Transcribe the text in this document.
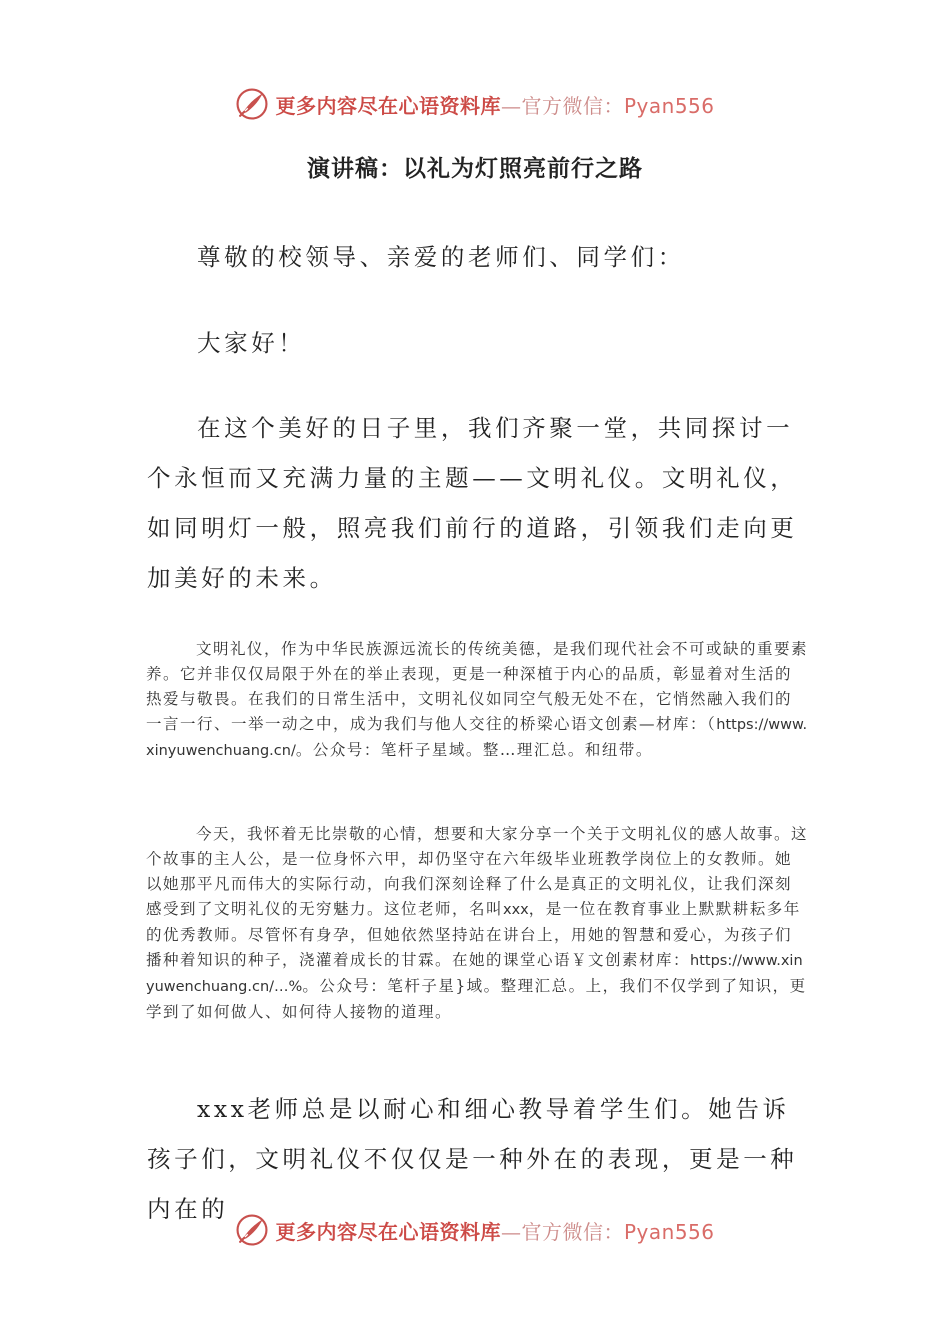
更多内容尽在心语资料库—官方微信：Pyan556
演讲稿：以礼为灯照亮前行之路

尊敬的校领导、亲爱的老师们、同学们：

大家好！

在这个美好的日子里，我们齐聚一堂，共同探讨一个永恒而又充满力量的主题——文明礼仪。文明礼仪，如同明灯一般，照亮我们前行的道路，引领我们走向更加美好的未来。

文明礼仪，作为中华民族源远流长的传统美德，是我们现代社会不可或缺的重要素养。它并非仅仅局限于外在的举止表现，更是一种深植于内心的品质，彰显着对生活的热爱与敬畏。在我们的日常生活中，文明礼仪如同空气般无处不在，它悄然融入我们的一言一行、一举一动之中，成为我们与他人交往的桥梁心语文创素—材库：（https://www.xinyuwenchuang.cn/。公众号：笔杆子星域。整…理汇总。和纽带。

今天，我怀着无比崇敬的心情，想要和大家分享一个关于文明礼仪的感人故事。这个故事的主人公，是一位身怀六甲，却仍坚守在六年级毕业班教学岗位上的女教师。她以她那平凡而伟大的实际行动，向我们深刻诠释了什么是真正的文明礼仪，让我们深刻感受到了文明礼仪的无穷魅力。这位老师，名叫xxx，是一位在教育事业上默默耕耘多年的优秀教师。尽管怀有身孕，但她依然坚持站在讲台上，用她的智慧和爱心，为孩子们播种着知识的种子，浇灌着成长的甘霖。在她的课堂心语￥文创素材库：https://www.xinyuwenchuang.cn/…%。公众号：笔杆子星}域。整理汇总。上，我们不仅学到了知识，更学到了如何做人、如何待人接物的道理。

xxx老师总是以耐心和细心教导着学生们。她告诉孩子们，文明礼仪不仅仅是一种外在的表现，更是一种内在的

更多内容尽在心语资料库—官方微信：Pyan556
